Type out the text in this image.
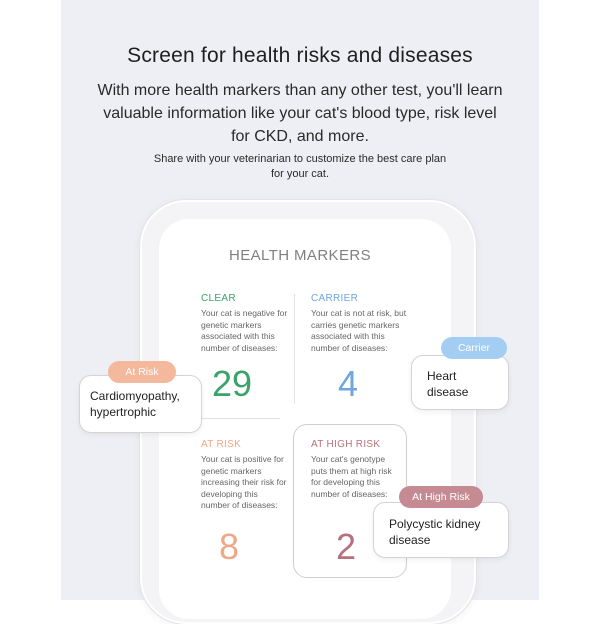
Screen for health risks and diseases
With more health markers than any other test, you'll learn valuable information like your cat's blood type, risk level for CKD, and more.
Share with your veterinarian to customize the best care plan for your cat.
HEALTH MARKERS
CLEAR
Your cat is negative for genetic markers associated with this number of diseases:
29
CARRIER
Your cat is not at risk, but carries genetic markers associated with this number of diseases:
4
AT RISK
Your cat is positive for genetic markers increasing their risk for developing this number of diseases:
8
AT HIGH RISK
Your cat's genotype puts them at high risk for developing this number of diseases:
2
Cardiomyopathy, hypertrophic
At Risk	Heart disease
Carrier
Polycystic kidney disease
At High Risk
